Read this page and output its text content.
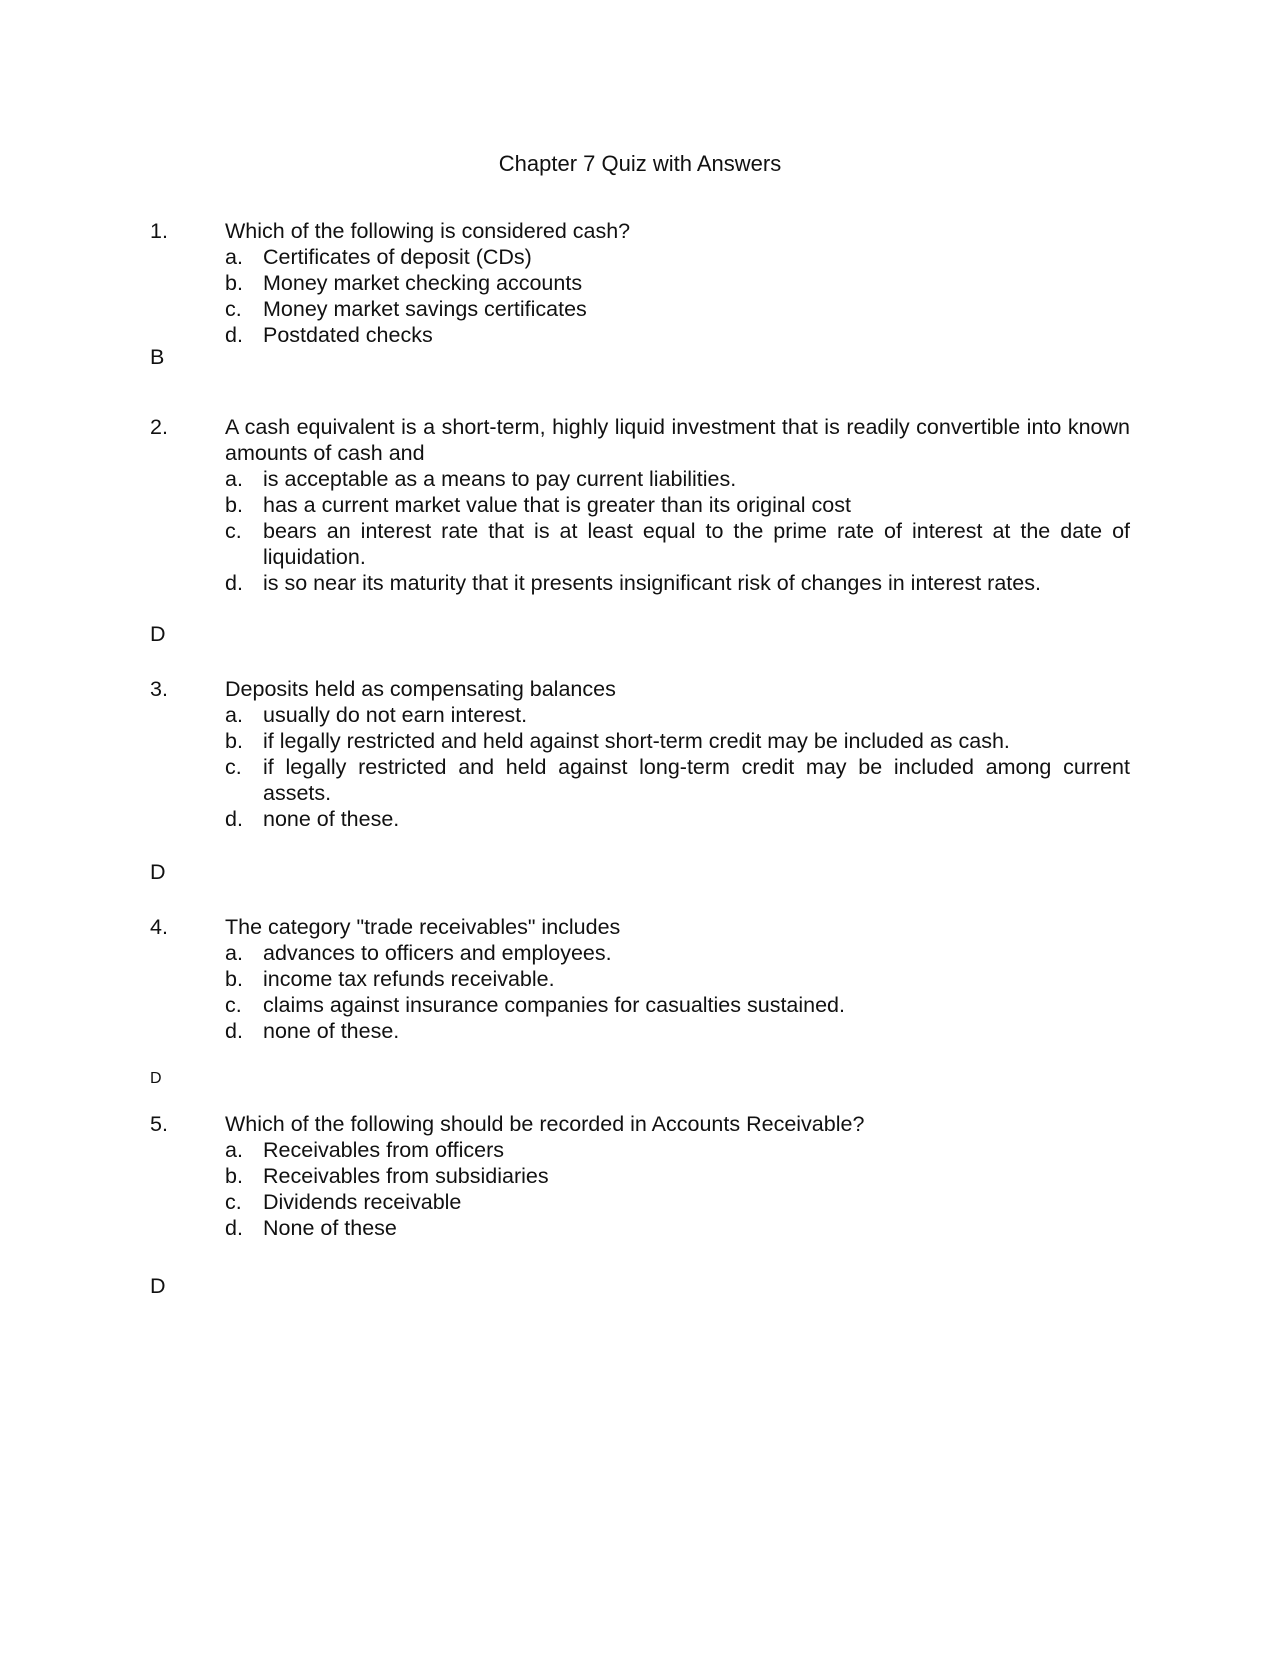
Chapter 7 Quiz with Answers
1.	Which of the following is considered cash?
a. Certificates of deposit (CDs)
b. Money market checking accounts
c. Money market savings certificates
d. Postdated checks
B
2.	A cash equivalent is a short-term, highly liquid investment that is readily convertible into known amounts of cash and
a. is acceptable as a means to pay current liabilities.
b. has a current market value that is greater than its original cost
c. bears an interest rate that is at least equal to the prime rate of interest at the date of liquidation.
d. is so near its maturity that it presents insignificant risk of changes in interest rates.
D
3.	Deposits held as compensating balances
a. usually do not earn interest.
b. if legally restricted and held against short-term credit may be included as cash.
c. if legally restricted and held against long-term credit may be included among current assets.
d. none of these.
D
4.	The category "trade receivables" includes
a. advances to officers and employees.
b. income tax refunds receivable.
c. claims against insurance companies for casualties sustained.
d. none of these.
D
5.	Which of the following should be recorded in Accounts Receivable?
a. Receivables from officers
b. Receivables from subsidiaries
c. Dividends receivable
d. None of these
D
